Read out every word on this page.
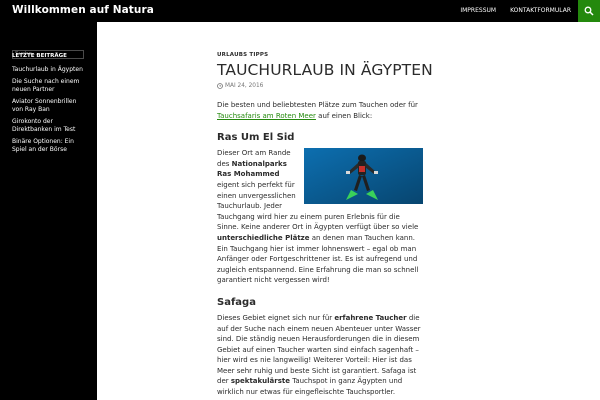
Willkommen auf Natura	IMPRESSUM	KONTAKTFORMULAR
Suche ...
LETZTE BEITRÄGE
Tauchurlaub in Ägypten
Die Suche nach einem neuen Partner
Aviator Sonnenbrillen von Ray Ban
Girokonto der Direktbanken im Test
Binäre Optionen: Ein Spiel an der Börse
URLAUBS TIPPS
TAUCHURLAUB IN ÄGYPTEN
MAI 24, 2016

Die besten und beliebtesten Plätze zum Tauchen oder für Tauchsafaris am Roten Meer auf einen Blick:

Ras Um El Sid

Dieser Ort am Rande des Nationalparks Ras Mohammed eigent sich perfekt für einen unvergesslichen Tauchurlaub. Jeder Tauchgang wird hier zu einem puren Erlebnis für die Sinne. Keine anderer Ort in Ägypten verfügt über so viele unterschiedliche Plätze an denen man Tauchen kann. Ein Tauchgang hier ist immer lohnenswert – egal ob man Anfänger oder Fortgeschrittener ist. Es ist aufregend und zugleich entspannend. Eine Erfahrung die man so schnell garantiert nicht vergessen wird!

Safaga

Dieses Gebiet eignet sich nur für erfahrene Taucher die auf der Suche nach einem neuen Abenteuer unter Wasser sind. Die ständig neuen Herausforderungen die in diesem Gebiet auf einen Taucher warten sind einfach sagenhaft – hier wird es nie langweilig! Weiterer Vorteil: Hier ist das Meer sehr ruhig und beste Sicht ist garantiert. Safaga ist der spektakulärste Tauchspot in ganz Ägypten und wirklich nur etwas für eingefleischte Tauchsportler.
